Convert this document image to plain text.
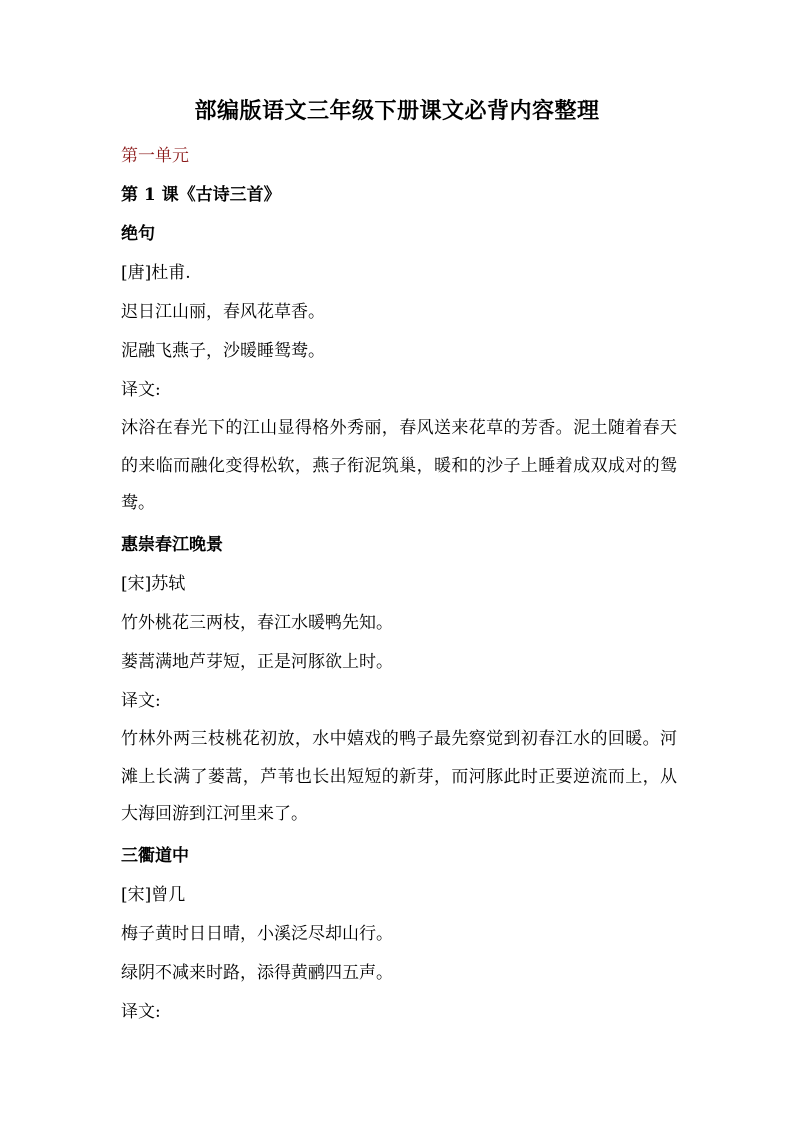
部编版语文三年级下册课文必背内容整理
第一单元
第 1 课《古诗三首》
绝句
[唐]杜甫.
迟日江山丽，春风花草香。
泥融飞燕子，沙暖睡鸳鸯。
译文:
沐浴在春光下的江山显得格外秀丽，春风送来花草的芳香。泥土随着春天的来临而融化变得松软，燕子衔泥筑巢，暖和的沙子上睡着成双成对的鸳鸯。
惠崇春江晚景
[宋]苏轼
竹外桃花三两枝，春江水暖鸭先知。
蒌蒿满地芦芽短，正是河豚欲上时。
译文:
竹林外两三枝桃花初放，水中嬉戏的鸭子最先察觉到初春江水的回暖。河滩上长满了蒌蒿，芦苇也长出短短的新芽，而河豚此时正要逆流而上，从大海回游到江河里来了。
三衢道中
[宋]曾几
梅子黄时日日晴，小溪泛尽却山行。
绿阴不减来时路，添得黄鹂四五声。
译文:
